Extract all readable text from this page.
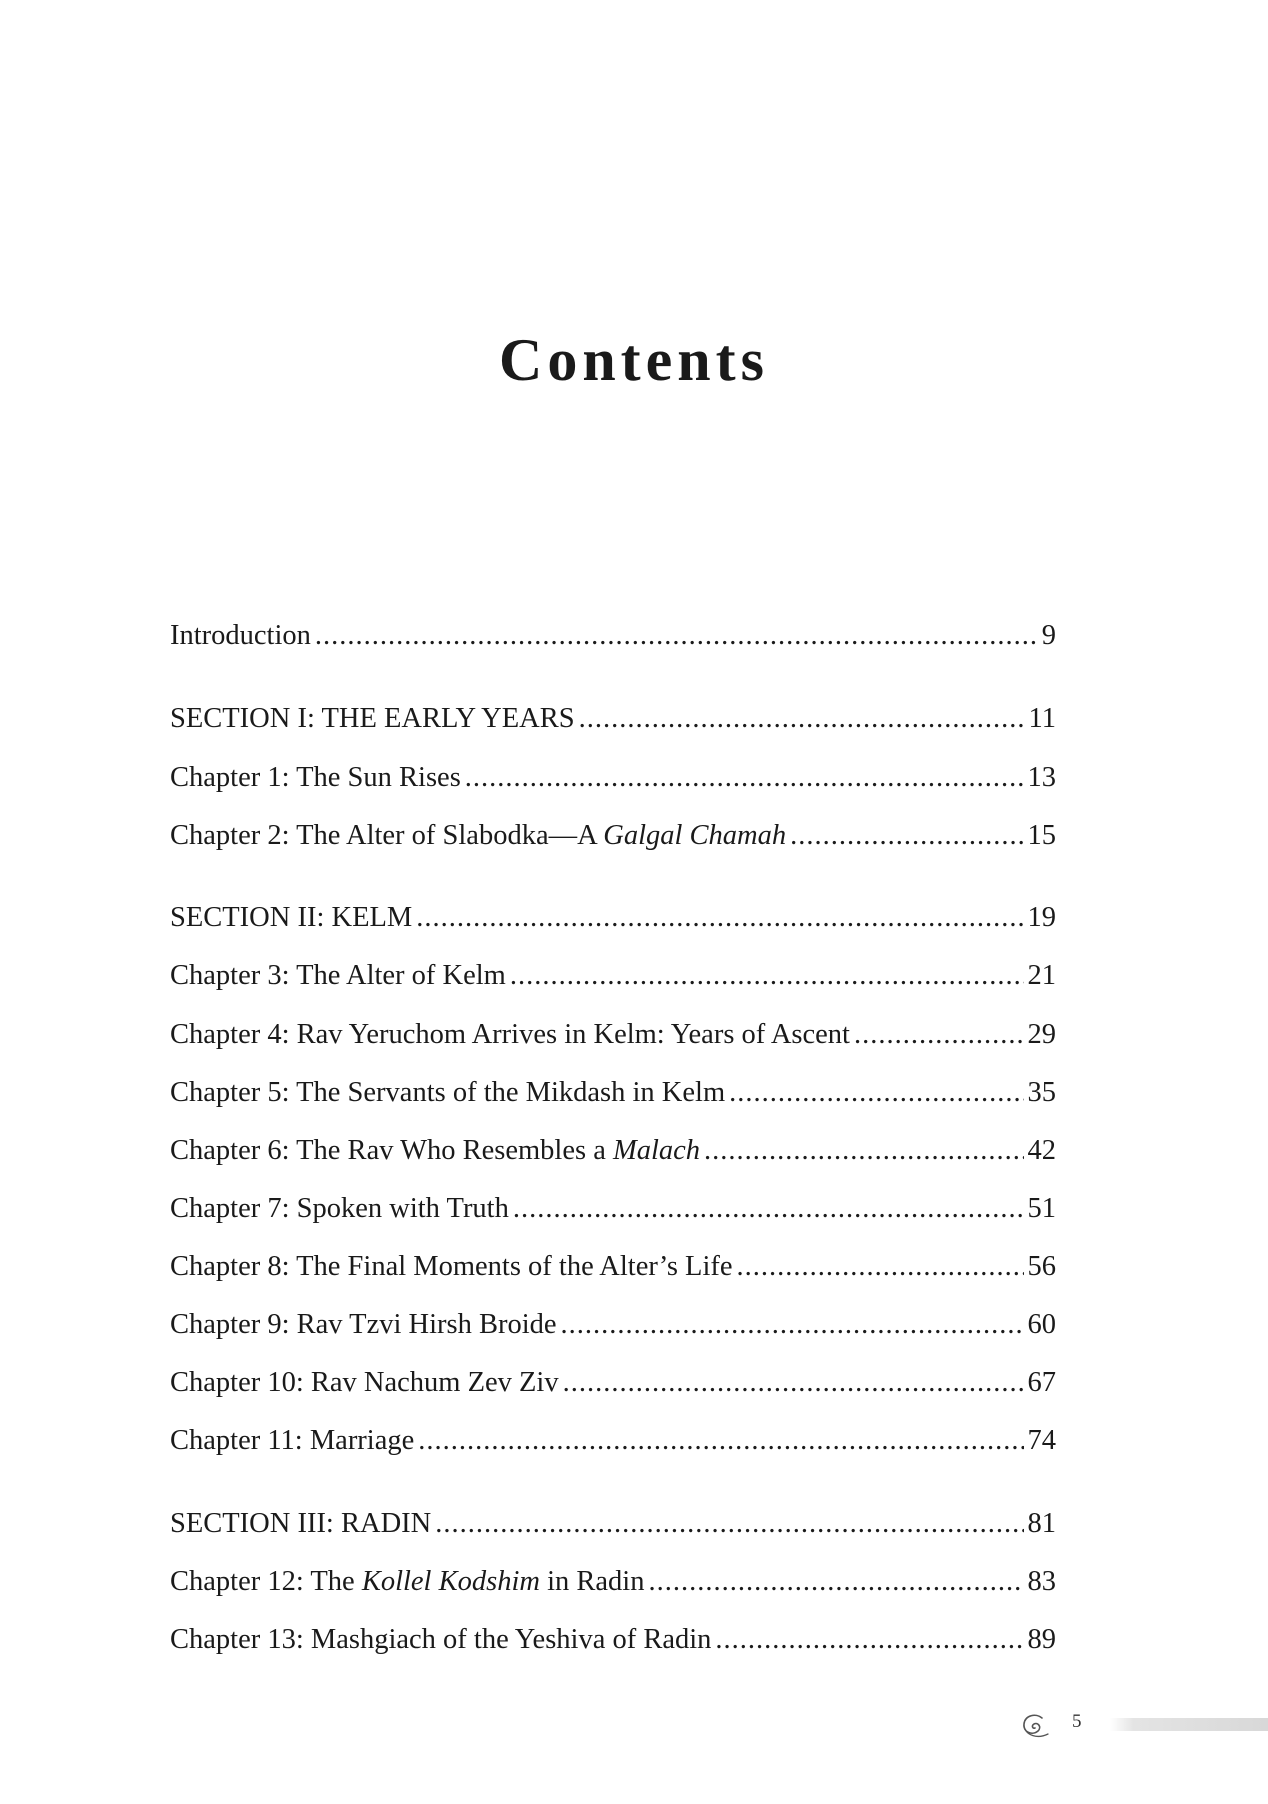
Contents
Introduction .....	9
SECTION I: THE EARLY YEARS .....	11
Chapter 1: The Sun Rises .....	13
Chapter 2: The Alter of Slabodka—A Galgal Chamah .....	15
SECTION II: KELM .....	19
Chapter 3: The Alter of Kelm .....	21
Chapter 4: Rav Yeruchom Arrives in Kelm: Years of Ascent .....	29
Chapter 5: The Servants of the Mikdash in Kelm .....	35
Chapter 6: The Rav Who Resembles a Malach .....	42
Chapter 7: Spoken with Truth .....	51
Chapter 8: The Final Moments of the Alter’s Life .....	56
Chapter 9: Rav Tzvi Hirsh Broide .....	60
Chapter 10: Rav Nachum Zev Ziv .....	67
Chapter 11: Marriage .....	74
SECTION III: RADIN .....	81
Chapter 12: The Kollel Kodshim in Radin .....	83
Chapter 13: Mashgiach of the Yeshiva of Radin .....	89
5
